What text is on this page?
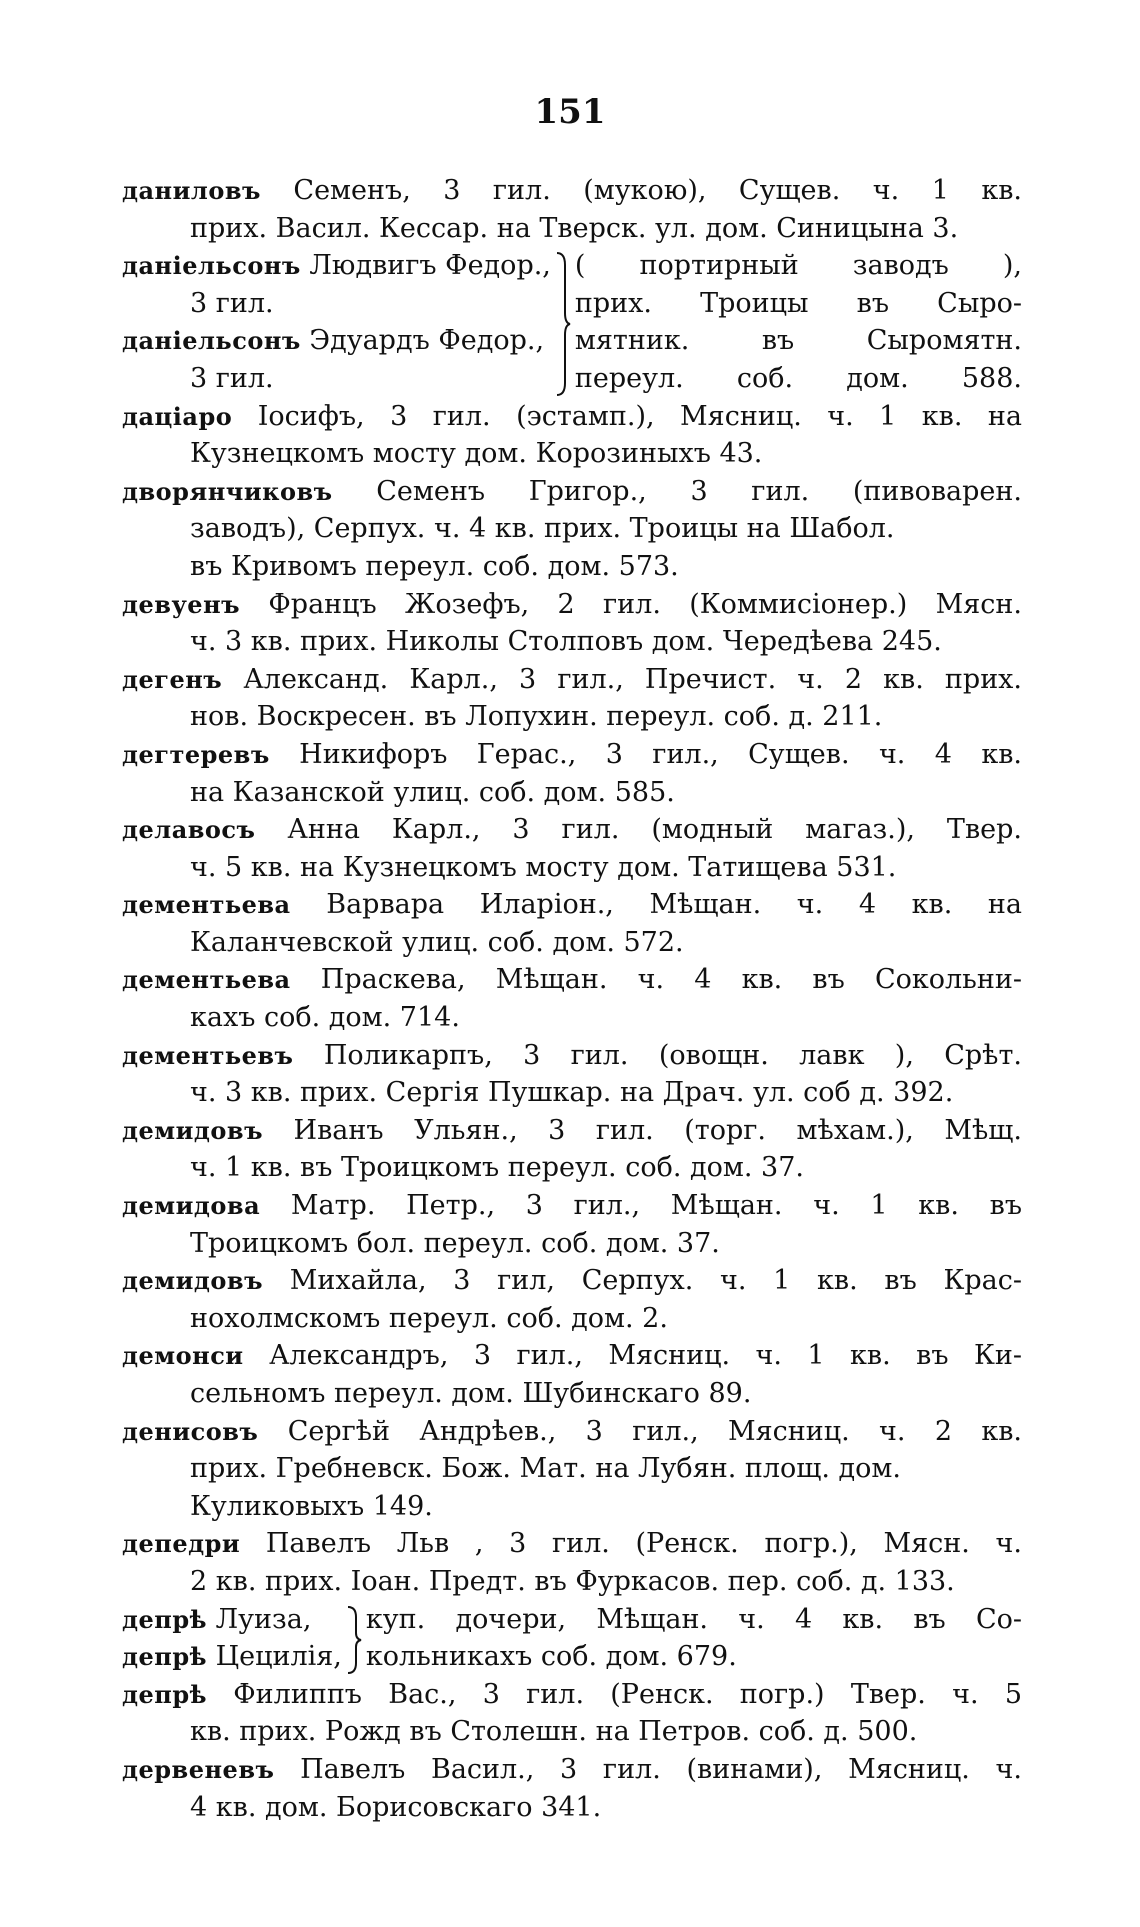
151
даниловъ Семенъ, 3 гил. (мукою), Сущев. ч. 1 кв.
прих. Васил. Кессар. на Тверск. ул. дом. Синицына 3.
даніельсонъ Людвигъ Федор.,
3 гил.
даніельсонъ Эдуардъ Федор.,
3 гил.
( портирный заводъ ),
прих. Троицы въ Сыро-
мятник. въ Сыромятн.
переул. соб. дом. 588.
даціаро Іосифъ, 3 гил. (эстамп.), Мясниц. ч. 1 кв. на
Кузнецкомъ мосту дом. Корозиныхъ 43.
дворянчиковъ Семенъ Григор., 3 гил. (пивоварен.
заводъ), Серпух. ч. 4 кв. прих. Троицы на Шабол.
въ Кривомъ переул. соб. дом. 573.
девуенъ Францъ Жозефъ, 2 гил. (Коммисіонер.) Мясн.
ч. 3 кв. прих. Николы Столповъ дом. Чередѣева 245.
дегенъ Александ. Карл., 3 гил., Пречист. ч. 2 кв. прих.
нов. Воскресен. въ Лопухин. переул. соб. д. 211.
дегтеревъ Никифоръ Герас., 3 гил., Сущев. ч. 4 кв.
на Казанской улиц. соб. дом. 585.
делавосъ Анна Карл., 3 гил. (модный магаз.), Твер.
ч. 5 кв. на Кузнецкомъ мосту дом. Татищева 531.
дементьева Варвара Иларіон., Мѣщан. ч. 4 кв. на
Каланчевской улиц. соб. дом. 572.
дементьева Праскева, Мѣщан. ч. 4 кв. въ Сокольни-
кахъ соб. дом. 714.
дементьевъ Поликарпъ, 3 гил. (овощн. лавк ), Срѣт.
ч. 3 кв. прих. Сергія Пушкар. на Драч. ул. соб д. 392.
демидовъ Иванъ Ульян., 3 гил. (торг. мѣхам.), Мѣщ.
ч. 1 кв. въ Троицкомъ переул. соб. дом. 37.
демидова Матр. Петр., 3 гил., Мѣщан. ч. 1 кв. въ
Троицкомъ бол. переул. соб. дом. 37.
демидовъ Михайла, 3 гил, Серпух. ч. 1 кв. въ Крас-
нохолмскомъ переул. соб. дом. 2.
демонси Александръ, 3 гил., Мясниц. ч. 1 кв. въ Ки-
сельномъ переул. дом. Шубинскаго 89.
денисовъ Сергѣй Андрѣев., 3 гил., Мясниц. ч. 2 кв.
прих. Гребневск. Бож. Мат. на Лубян. площ. дом.
Куликовыхъ 149.
депедри Павелъ Льв , 3 гил. (Ренск. погр.), Мясн. ч.
2 кв. прих. Іоан. Предт. въ Фуркасов. пер. соб. д. 133.
депрѣ Луиза,
депрѣ Цецилія,
куп. дочери, Мѣщан. ч. 4 кв. въ Со-
кольникахъ соб. дом. 679.
депрѣ Филиппъ Вас., 3 гил. (Ренск. погр.) Твер. ч. 5
кв. прих. Рожд въ Столешн. на Петров. соб. д. 500.
дервеневъ Павелъ Васил., 3 гил. (винами), Мясниц. ч.
4 кв. дом. Борисовскаго 341.
